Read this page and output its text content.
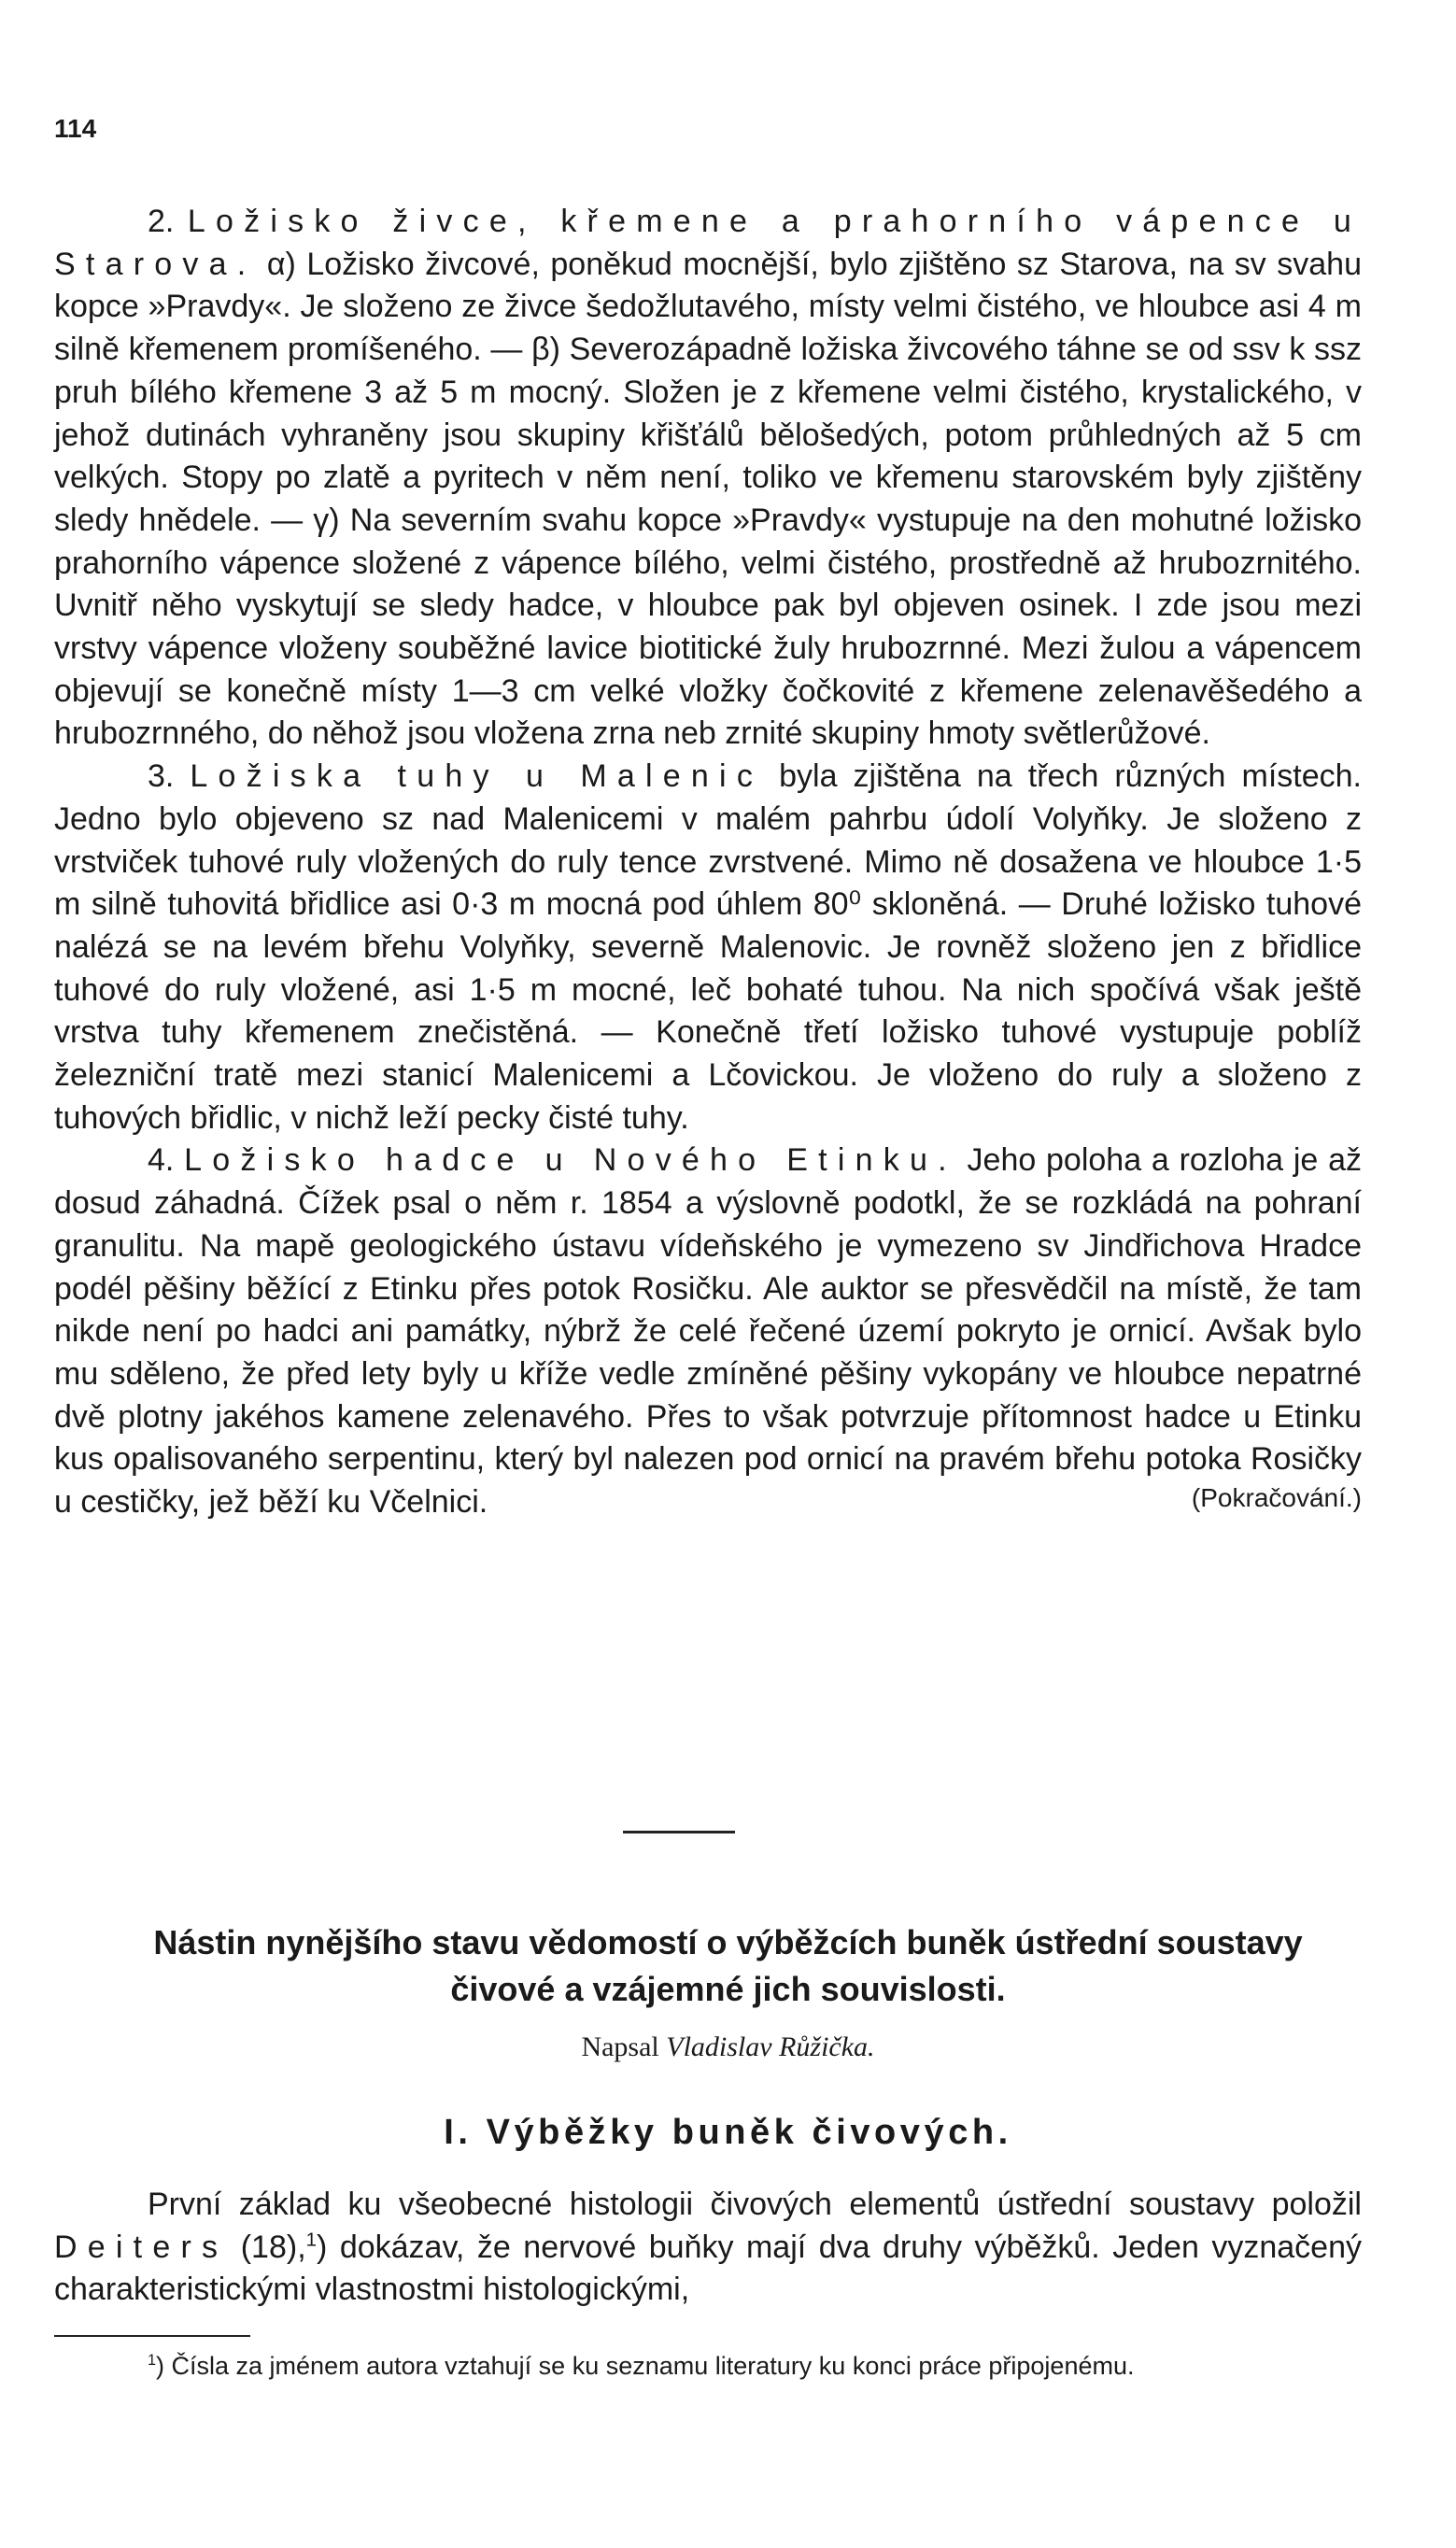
114

2. Ložisko živce, křemene a prahorního vápence u Starova. α) Ložisko živcové, poněkud mocnější, bylo zjištěno sz Starova, na sv svahu kopce »Pravdy«. Je složeno ze živce šedožlutavého, místy velmi čistého, ve hloubce asi 4 m silně křemenem promíšeného. — β) Severozápadně ložiska živcového táhne se od ssv k ssz pruh bílého křemene 3 až 5 m mocný. Složen je z křemene velmi čistého, krystalického, v jehož dutinách vyhraněny jsou skupiny křišťálů bělošedých, potom průhledných až 5 cm velkých. Stopy po zlatě a pyritech v něm není, toliko ve křemenu starovském byly zjištěny sledy hnědele. — γ) Na severním svahu kopce »Pravdy« vystupuje na den mohutné ložisko prahorního vápence složené z vápence bílého, velmi čistého, prostředně až hrubozrnitého. Uvnitř něho vyskytují se sledy hadce, v hloubce pak byl objeven osinek. I zde jsou mezi vrstvy vápence vloženy souběžné lavice biotitické žuly hrubozrnné. Mezi žulou a vápencem objevují se konečně místy 1—3 cm velké vložky čočkovité z křemene zelenavěšedého a hrubozrnného, do něhož jsou vloženа zrna neb zrnité skupiny hmoty světlerůžové.

3. Ložiska tuhy u Malenic byla zjištěna na třech různých místech. Jedno bylo objeveno sz nad Malenicemi v malém pahrbu údolí Volyňky. Je složeno z vrstviček tuhové ruly vložených do ruly tence zvrstvené. Mimo ně dosažena ve hloubce 1·5 m silně tuhovitá břidlice asi 0·3 m mocná pod úhlem 80⁰ skloněná. — Druhé ložisko tuhové nalézá se na levém břehu Volyňky, severně Malenovic. Je rovněž složeno jen z břidlice tuhové do ruly vložené, asi 1·5 m mocné, leč bohaté tuhou. Na nich spočívá však ještě vrstva tuhy křemenem znečistěná. — Konečně třetí ložisko tuhové vystupuje poblíž železniční tratě mezi stanicí Malenicemi a Lčovickou. Je vloženo do ruly a složeno z tuhových břidlic, v nichž leží pecky čisté tuhy.

4. Ložisko hadce u Nového Etinku. Jeho poloha a rozloha je až dosud záhadná. Čížek psal o něm r. 1854 a výslovně podotkl, že se rozkládá na pohraní granulitu. Na mapě geologického ústavu vídeňského je vymezeno sv Jindřichova Hradce podél pěšiny běžící z Etinku přes potok Rosičku. Ale auktor se přesvědčil na místě, že tam nikde není po hadci ani památky, nýbrž že celé řečené území pokryto je ornicí. Avšak bylo mu sděleno, že před lety byly u kříže vedle zmíněné pěšiny vykopány ve hloubce nepatrné dvě plotny jakéhos kamene zelenavého. Přes to však potvrzuje přítomnost hadce u Etinku kus opalisovaného serpentinu, který byl nalezen pod ornicí na pravém břehu potoka Rosičky u cestičky, jež běží ku Včelnici.	(Pokračování.)
Nástin nynějšího stavu vědomostí o výběžcích buněk ústřední soustavy
čivové a vzájemné jich souvislosti.
Napsal Vladislav Růžička.
I. Výběžky buněk čivových.

První základ ku všeobecné histologii čivových elementů ústřední soustavy položil Deiters (18),$^1$) dokázav, že nervové buňky mají dva druhy výběžků. Jeden vyznačený charakteristickými vlastnostmi histologickými,

$^1$) Čísla za jménem autora vztahují se ku seznamu literatury ku konci práce připojenému.
